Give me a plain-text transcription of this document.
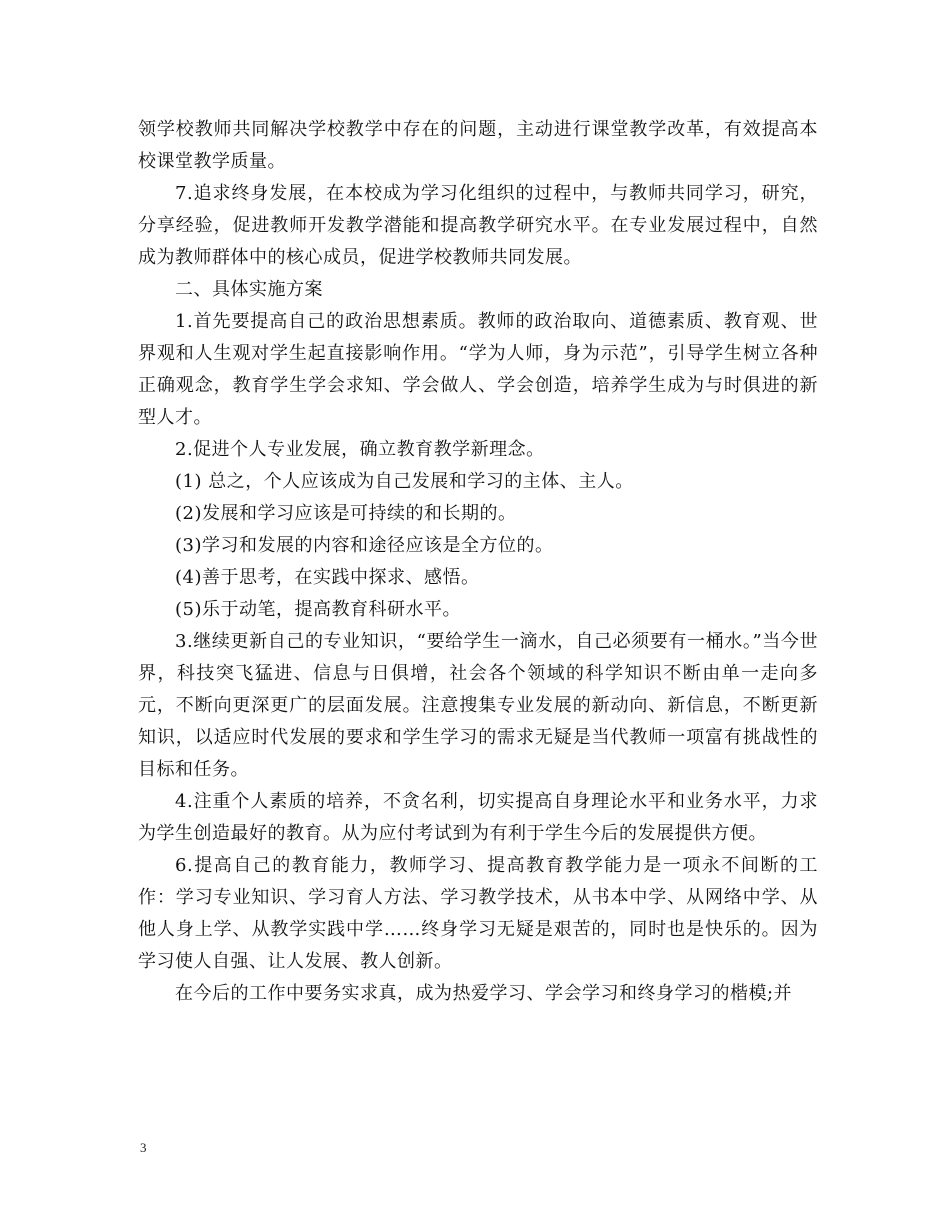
领学校教师共同解决学校教学中存在的问题，主动进行课堂教学改革，有效提高本校课堂教学质量。

7.追求终身发展，在本校成为学习化组织的过程中，与教师共同学习，研究，分享经验，促进教师开发教学潜能和提高教学研究水平。在专业发展过程中，自然成为教师群体中的核心成员，促进学校教师共同发展。

二、具体实施方案

1.首先要提高自己的政治思想素质。教师的政治取向、道德素质、教育观、世界观和人生观对学生起直接影响作用。“学为人师，身为示范”，引导学生树立各种正确观念，教育学生学会求知、学会做人、学会创造，培养学生成为与时俱进的新型人才。

2.促进个人专业发展，确立教育教学新理念。

(1) 总之，个人应该成为自己发展和学习的主体、主人。

(2)发展和学习应该是可持续的和长期的。

(3)学习和发展的内容和途径应该是全方位的。

(4)善于思考，在实践中探求、感悟。

(5)乐于动笔，提高教育科研水平。

3.继续更新自己的专业知识，“要给学生一滴水，自己必须要有一桶水。”当今世界，科技突飞猛进、信息与日俱增，社会各个领域的科学知识不断由单一走向多元，不断向更深更广的层面发展。注意搜集专业发展的新动向、新信息，不断更新知识，以适应时代发展的要求和学生学习的需求无疑是当代教师一项富有挑战性的目标和任务。

4.注重个人素质的培养，不贪名利，切实提高自身理论水平和业务水平，力求为学生创造最好的教育。从为应付考试到为有利于学生今后的发展提供方便。

6.提高自己的教育能力，教师学习、提高教育教学能力是一项永不间断的工作：学习专业知识、学习育人方法、学习教学技术，从书本中学、从网络中学、从他人身上学、从教学实践中学……终身学习无疑是艰苦的，同时也是快乐的。因为学习使人自强、让人发展、教人创新。

在今后的工作中要务实求真，成为热爱学习、学会学习和终身学习的楷模;并

3
